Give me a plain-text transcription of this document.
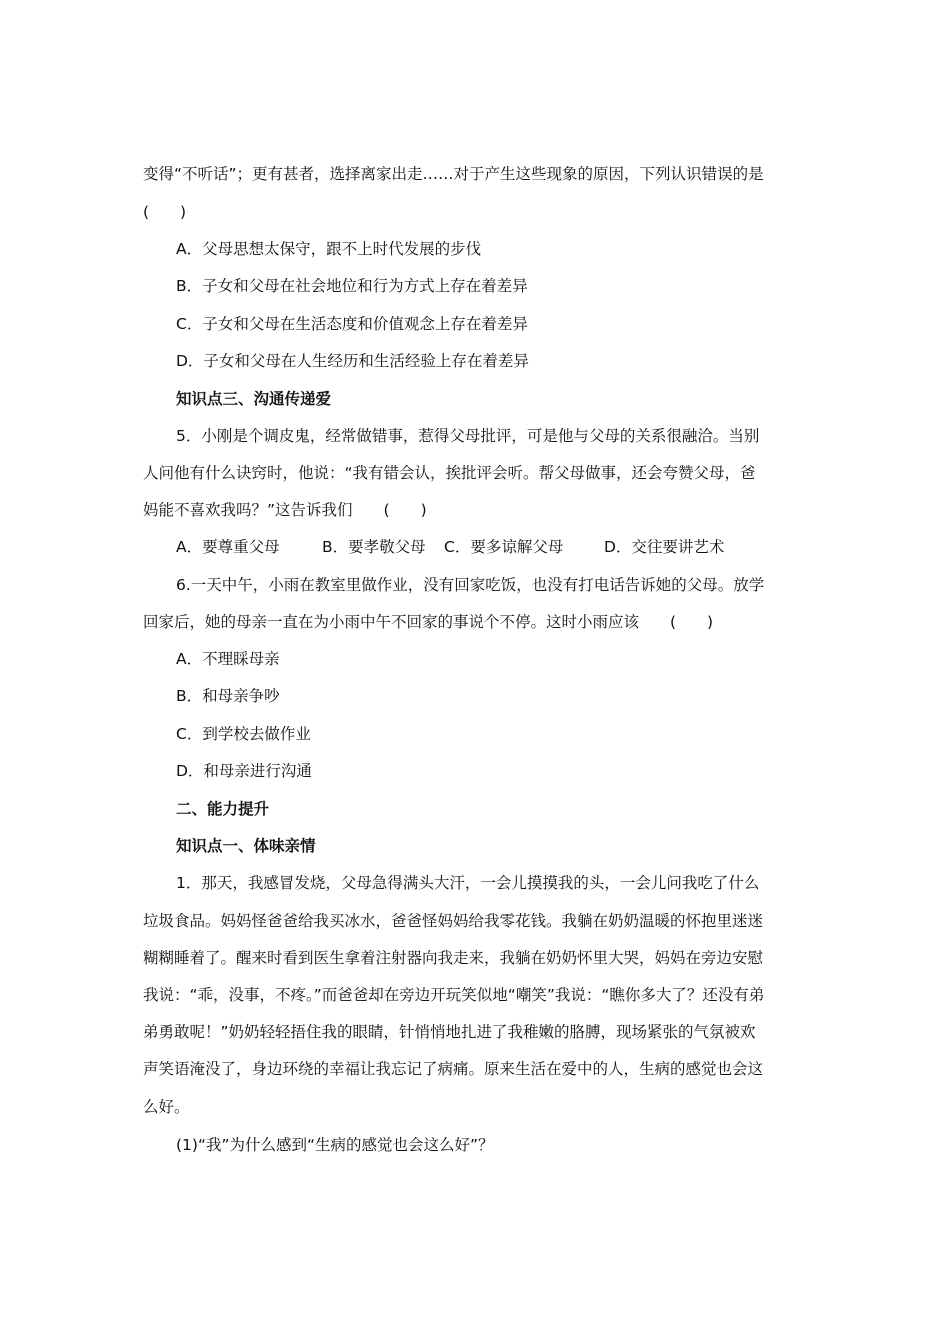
变得“不听话”；更有甚者，选择离家出走……对于产生这些现象的原因，下列认识错误的是
(　　)
A．父母思想太保守，跟不上时代发展的步伐
B．子女和父母在社会地位和行为方式上存在着差异
C．子女和父母在生活态度和价值观念上存在着差异
D．子女和父母在人生经历和生活经验上存在着差异
知识点三、沟通传递爱
5．小刚是个调皮鬼，经常做错事，惹得父母批评，可是他与父母的关系很融洽。当别
人问他有什么诀窍时，他说：“我有错会认，挨批评会听。帮父母做事，还会夸赞父母，爸
妈能不喜欢我吗？”这告诉我们　　(　　)
A．要尊重父母	B．要孝敬父母 C．要多谅解父母	D．交往要讲艺术
6.一天中午，小雨在教室里做作业，没有回家吃饭，也没有打电话告诉她的父母。放学
回家后，她的母亲一直在为小雨中午不回家的事说个不停。这时小雨应该　　(　　)
A．不理睬母亲
B．和母亲争吵
C．到学校去做作业
D．和母亲进行沟通
二、能力提升
知识点一、体味亲情
1．那天，我感冒发烧，父母急得满头大汗，一会儿摸摸我的头，一会儿问我吃了什么
垃圾食品。妈妈怪爸爸给我买冰水，爸爸怪妈妈给我零花钱。我躺在奶奶温暖的怀抱里迷迷
糊糊睡着了。醒来时看到医生拿着注射器向我走来，我躺在奶奶怀里大哭，妈妈在旁边安慰
我说：“乖，没事，不疼。”而爸爸却在旁边开玩笑似地“嘲笑”我说：“瞧你多大了？还没有弟
弟勇敢呢！”奶奶轻轻捂住我的眼睛，针悄悄地扎进了我稚嫩的胳膊，现场紧张的气氛被欢
声笑语淹没了，身边环绕的幸福让我忘记了病痛。原来生活在爱中的人，生病的感觉也会这
么好。
(1)“我”为什么感到“生病的感觉也会这么好”？
